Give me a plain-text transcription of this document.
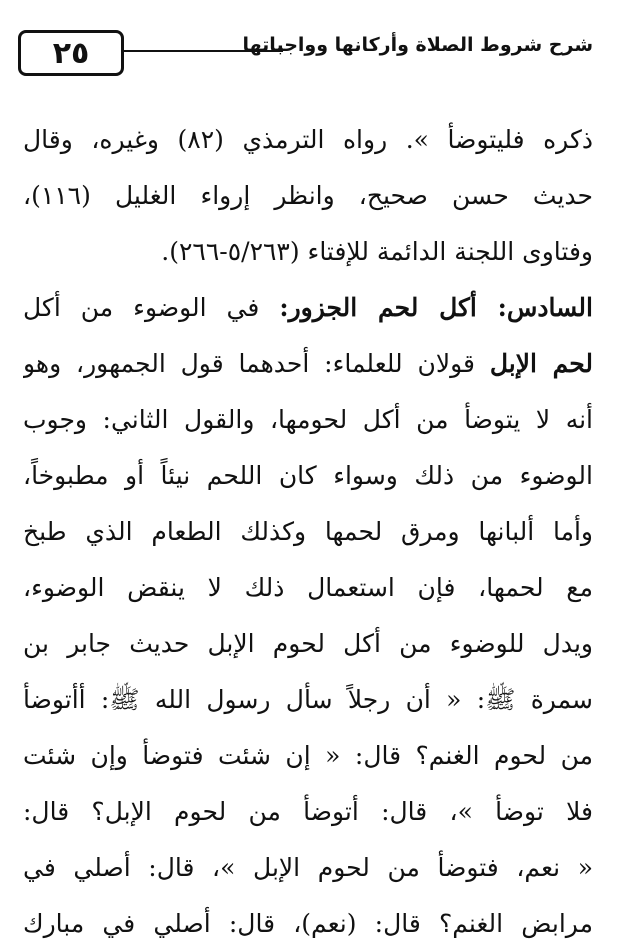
٢٥	شرح شروط الصلاة وأركانها وواجباتها
ذكره فليتوضأ ». رواه الترمذي (٨٢) وغيره، وقال
حديث حسن صحيح، وانظر إرواء الغليل (١١٦)،
وفتاوى اللجنة الدائمة للإفتاء (٥/٢٦٣-٢٦٦).
السادس: أكل لحم الجزور: في الوضوء من أكل
لحم الإبل قولان للعلماء: أحدهما قول الجمهور، وهو
أنه لا يتوضأ من أكل لحومها، والقول الثاني: وجوب
الوضوء من ذلك وسواء كان اللحم نيئاً أو مطبوخاً،
وأما ألبانها ومرق لحمها وكذلك الطعام الذي طبخ
مع لحمها، فإن استعمال ذلك لا ينقض الوضوء،
ويدل للوضوء من أكل لحوم الإبل حديث جابر بن
سمرة ﷺ: « أن رجلاً سأل رسول الله ﷺ: أأتوضأ
من لحوم الغنم؟ قال: « إن شئت فتوضأ وإن شئت
فلا توضأ »، قال: أتوضأ من لحوم الإبل؟ قال:
« نعم، فتوضأ من لحوم الإبل »، قال: أصلي في
مرابض الغنم؟ قال: (نعم)، قال: أصلي في مبارك
